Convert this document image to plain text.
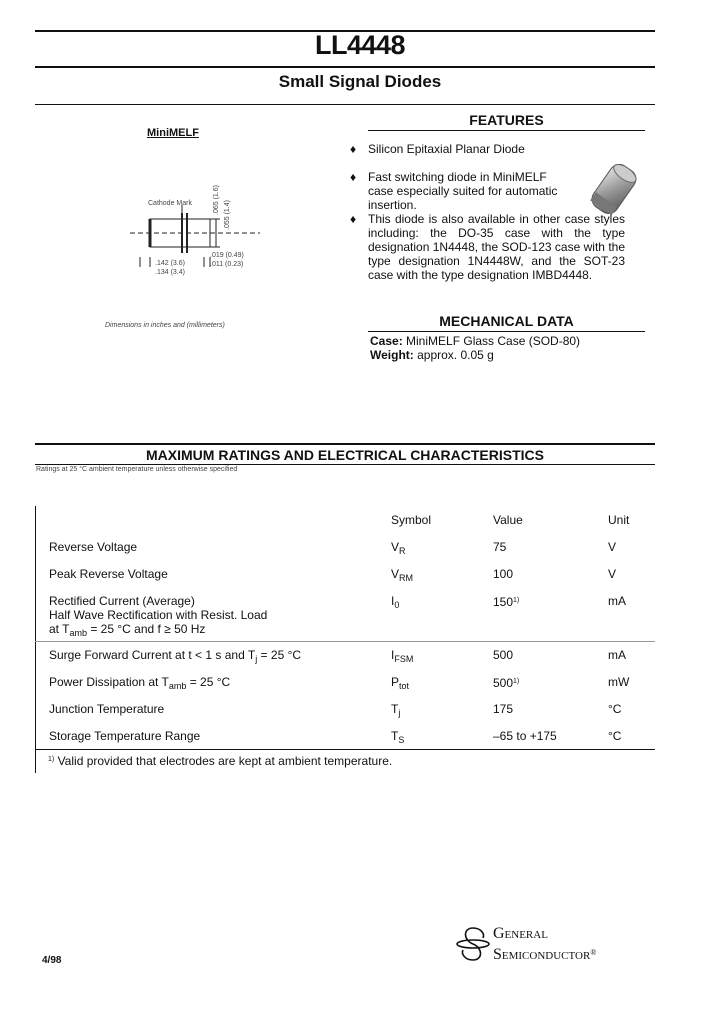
LL4448
Small Signal Diodes
MiniMELF
Cathode Mark	.065 (1.6)
.055 (1.4)
.019 (0.49)
.011 (0.23)
.142 (3.6)
.134 (3.4)
Dimensions in inches and (millimeters)
FEATURES
♦ Silicon Epitaxial Planar Diode
♦ Fast switching diode in MiniMELF case especially suited for automatic insertion.
♦ This diode is also available in other case styles including: the DO-35 case with the type designation 1N4448, the SOD-123 case with the type designation 1N4448W, and the SOT-23 case with the type designation IMBD4448.
MECHANICAL DATA
Case: MiniMELF Glass Case (SOD-80)
Weight: approx. 0.05 g
MAXIMUM RATINGS AND ELECTRICAL CHARACTERISTICS
Ratings at 25 °C ambient temperature unless otherwise specified
Symbol	Value	Unit
Reverse Voltage	$V_R$	75	V
Peak Reverse Voltage	$V_{RM}$	100	V
Rectified Current (Average)
Half Wave Rectification with Resist. Load
at $T_{amb} = 25$ °C and f ≥ 50 Hz
$I_0$	150$^{1)}$	mA
Surge Forward Current at t < 1 s and $T_j = 25$ °C	$I_{FSM}$	500	mA
Power Dissipation at $T_{amb} = 25$ °C	$P_{tot}$	500$^{1)}$	mW
Junction Temperature	$T_j$	175	°C
Storage Temperature Range	$T_S$	–65 to +175	°C
$^{1)}$ Valid provided that electrodes are kept at ambient temperature.
4/98
General
Semiconductor®
